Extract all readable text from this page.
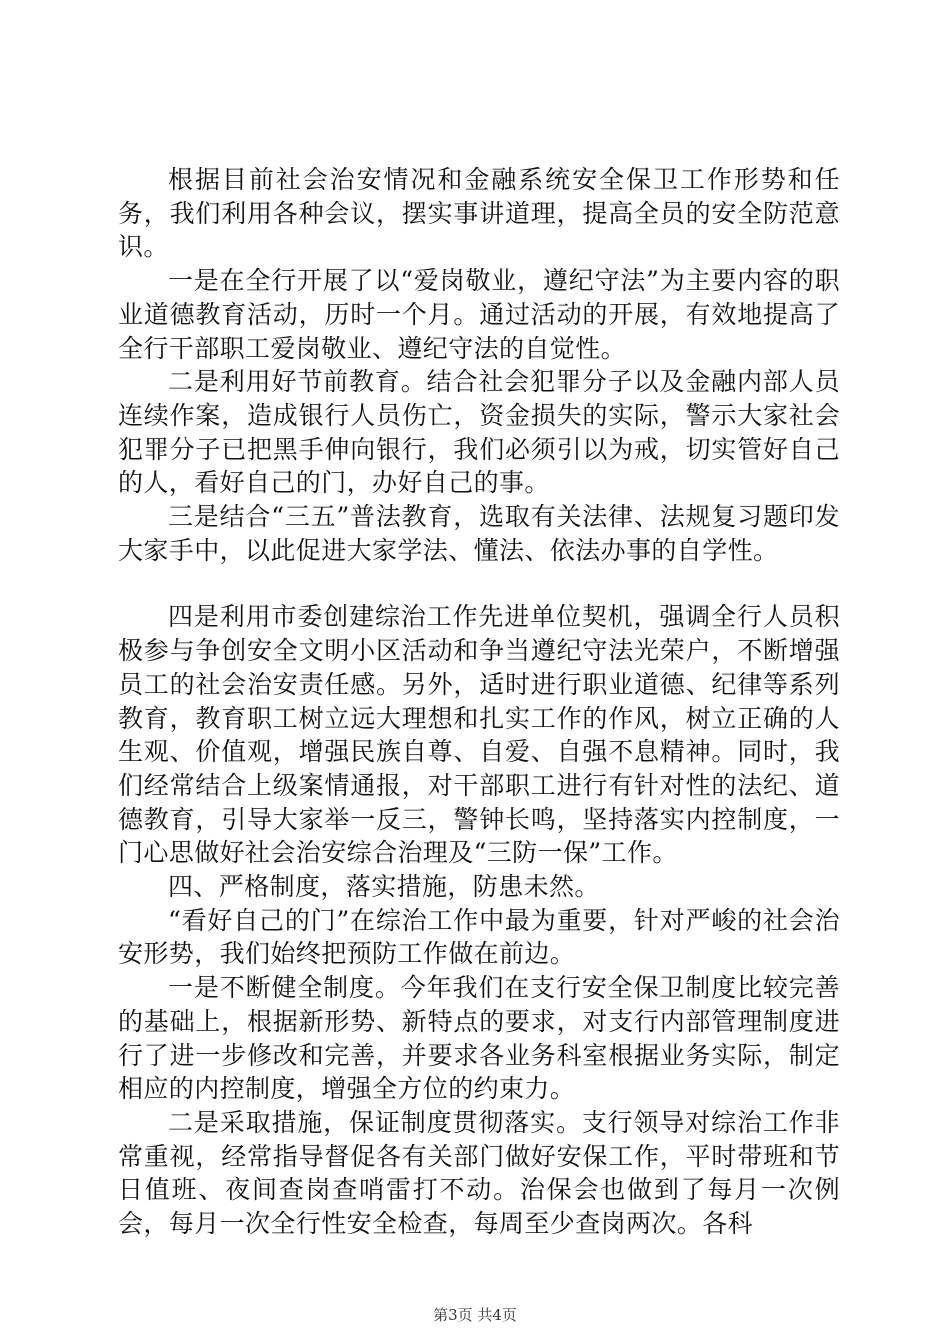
根据目前社会治安情况和金融系统安全保卫工作形势和任务，我们利用各种会议，摆实事讲道理，提高全员的安全防范意识。

一是在全行开展了以“爱岗敬业，遵纪守法”为主要内容的职业道德教育活动，历时一个月。通过活动的开展，有效地提高了全行干部职工爱岗敬业、遵纪守法的自觉性。

二是利用好节前教育。结合社会犯罪分子以及金融内部人员连续作案，造成银行人员伤亡，资金损失的实际，警示大家社会犯罪分子已把黑手伸向银行，我们必须引以为戒，切实管好自己的人，看好自己的门，办好自己的事。

三是结合“三五”普法教育，选取有关法律、法规复习题印发大家手中，以此促进大家学法、懂法、依法办事的自学性。

四是利用市委创建综治工作先进单位契机，强调全行人员积极参与争创安全文明小区活动和争当遵纪守法光荣户，不断增强员工的社会治安责任感。另外，适时进行职业道德、纪律等系列教育，教育职工树立远大理想和扎实工作的作风，树立正确的人生观、价值观，增强民族自尊、自爱、自强不息精神。同时，我们经常结合上级案情通报，对干部职工进行有针对性的法纪、道德教育，引导大家举一反三，警钟长鸣，坚持落实内控制度，一门心思做好社会治安综合治理及“三防一保”工作。

四、严格制度，落实措施，防患未然。

“看好自己的门”在综治工作中最为重要，针对严峻的社会治安形势，我们始终把预防工作做在前边。

一是不断健全制度。今年我们在支行安全保卫制度比较完善的基础上，根据新形势、新特点的要求，对支行内部管理制度进行了进一步修改和完善，并要求各业务科室根据业务实际，制定相应的内控制度，增强全方位的约束力。

二是采取措施，保证制度贯彻落实。支行领导对综治工作非常重视，经常指导督促各有关部门做好安保工作，平时带班和节日值班、夜间查岗查哨雷打不动。治保会也做到了每月一次例会，每月一次全行性安全检查，每周至少查岗两次。各科

第3页 共4页
